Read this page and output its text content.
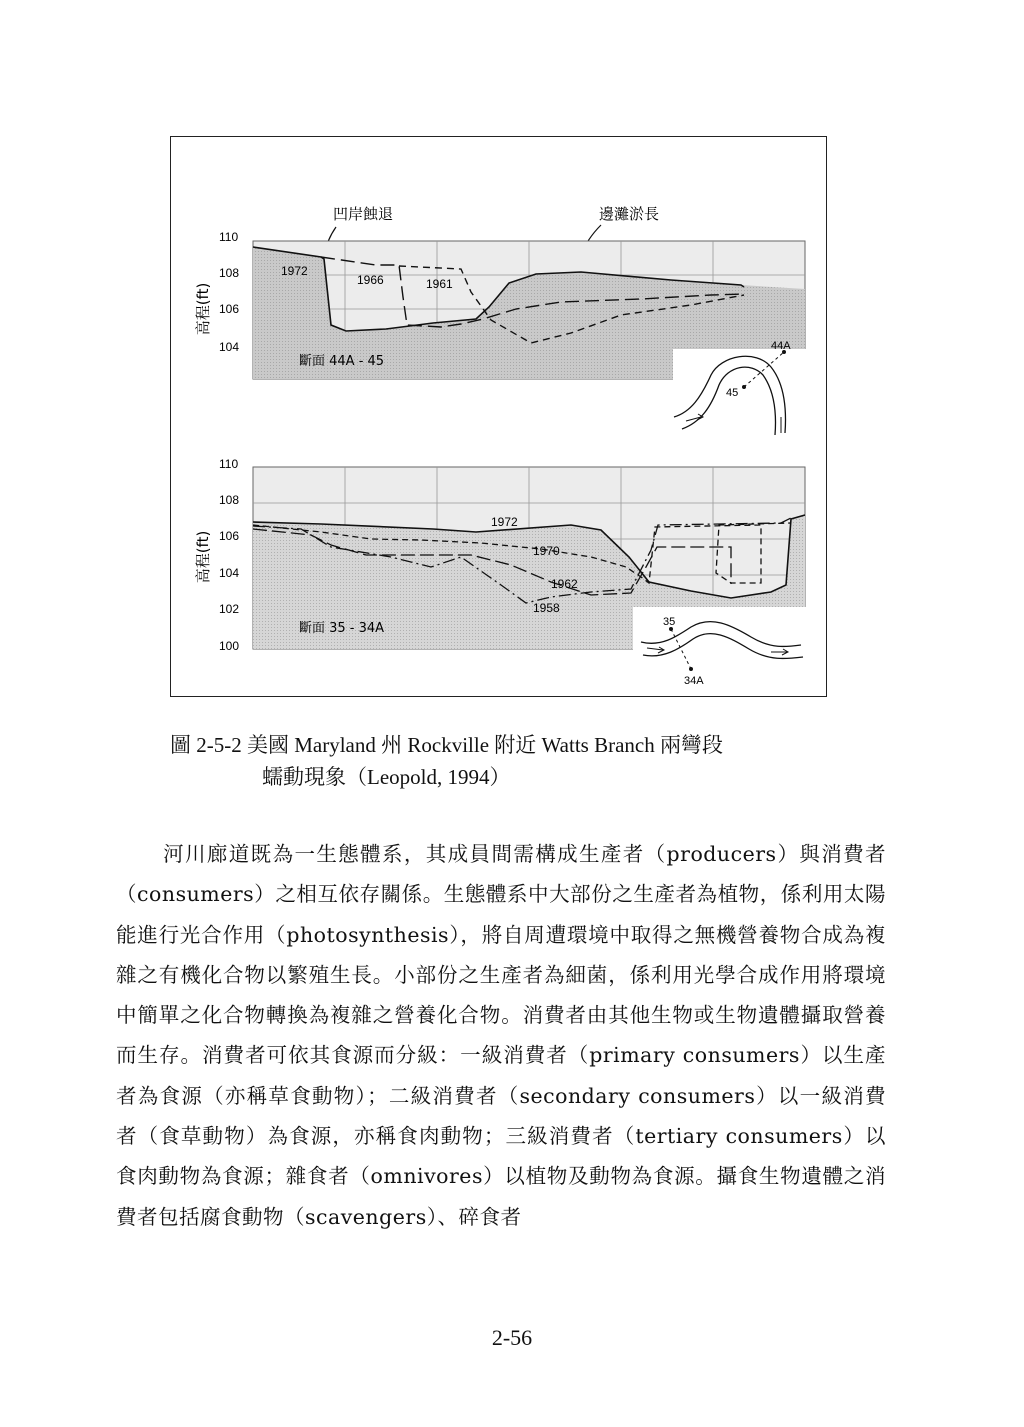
凹岸蝕退	邊灘淤長
1972
1966	1961
斷面 44A - 45
110
108
106
104
高程(ft)
44A
45
1972
1970
1962
1958
斷面 35 - 34A
110
108
106
104
102
100
高程(ft)
35
34A
圖 2-5-2 美國 Maryland 州 Rockville 附近 Watts Branch 兩彎段
蠕動現象（Leopold, 1994）

河川廊道既為一生態體系，其成員間需構成生產者（producers）與消費者（consumers）之相互依存關係。生態體系中大部份之生產者為植物，係利用太陽能進行光合作用（photosynthesis），將自周遭環境中取得之無機營養物合成為複雜之有機化合物以繁殖生長。小部份之生產者為細菌，係利用光學合成作用將環境中簡單之化合物轉換為複雜之營養化合物。消費者由其他生物或生物遺體攝取營養而生存。消費者可依其食源而分級：一級消費者（primary consumers）以生產者為食源（亦稱草食動物）；二級消費者（secondary consumers）以一級消費者（食草動物）為食源，亦稱食肉動物；三級消費者（tertiary consumers）以食肉動物為食源；雜食者（omnivores）以植物及動物為食源。攝食生物遺體之消費者包括腐食動物（scavengers）、碎食者

2-56
